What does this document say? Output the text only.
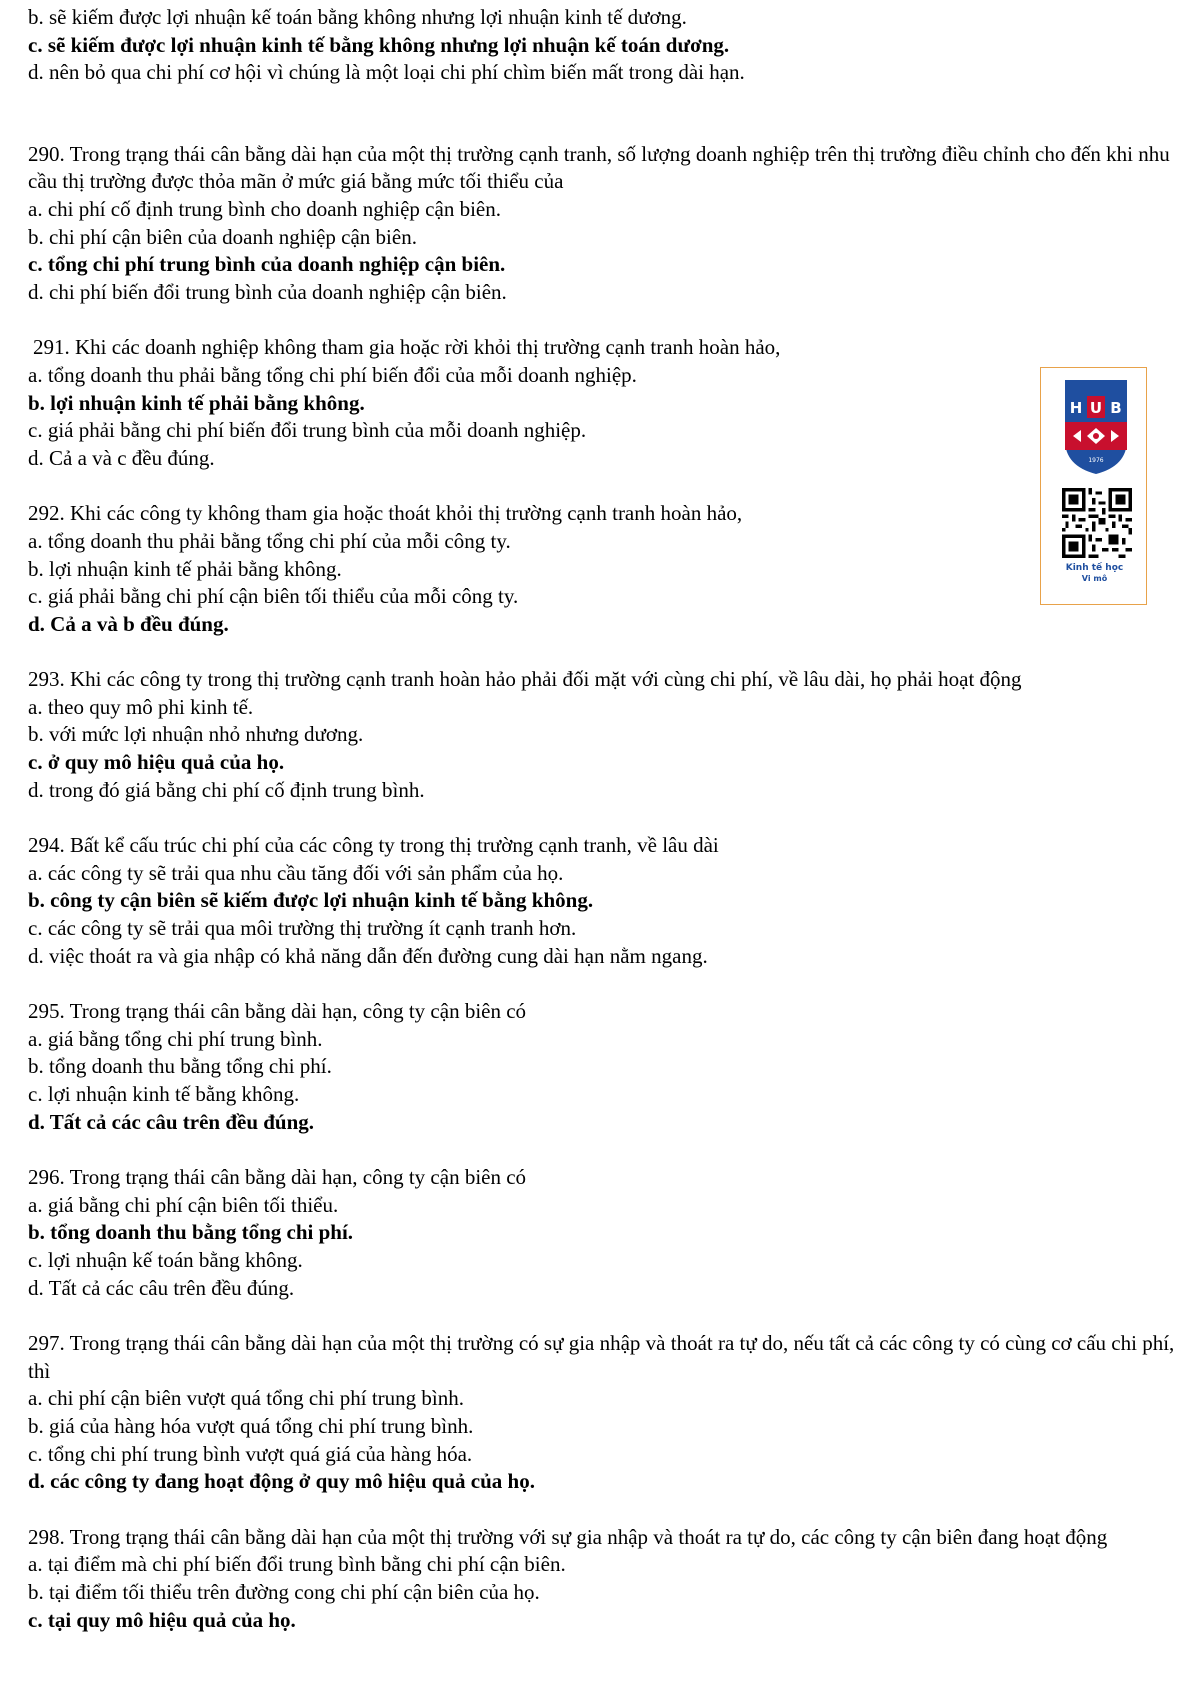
b. sẽ kiếm được lợi nhuận kế toán bằng không nhưng lợi nhuận kinh tế dương.

c. sẽ kiếm được lợi nhuận kinh tế bằng không nhưng lợi nhuận kế toán dương.

d. nên bỏ qua chi phí cơ hội vì chúng là một loại chi phí chìm biến mất trong dài hạn.

290. Trong trạng thái cân bằng dài hạn của một thị trường cạnh tranh, số lượng doanh nghiệp trên thị trường điều chỉnh cho đến khi nhu cầu thị trường được thỏa mãn ở mức giá bằng mức tối thiểu của

a. chi phí cố định trung bình cho doanh nghiệp cận biên.

b. chi phí cận biên của doanh nghiệp cận biên.

c. tổng chi phí trung bình của doanh nghiệp cận biên.

d. chi phí biến đổi trung bình của doanh nghiệp cận biên.

291. Khi các doanh nghiệp không tham gia hoặc rời khỏi thị trường cạnh tranh hoàn hảo,

a. tổng doanh thu phải bằng tổng chi phí biến đổi của mỗi doanh nghiệp.

b. lợi nhuận kinh tế phải bằng không.

c. giá phải bằng chi phí biến đổi trung bình của mỗi doanh nghiệp.

d. Cả a và c đều đúng.

292. Khi các công ty không tham gia hoặc thoát khỏi thị trường cạnh tranh hoàn hảo,

a. tổng doanh thu phải bằng tổng chi phí của mỗi công ty.

b. lợi nhuận kinh tế phải bằng không.

c. giá phải bằng chi phí cận biên tối thiểu của mỗi công ty.

d. Cả a và b đều đúng.

293. Khi các công ty trong thị trường cạnh tranh hoàn hảo phải đối mặt với cùng chi phí, về lâu dài, họ phải hoạt động

a. theo quy mô phi kinh tế.

b. với mức lợi nhuận nhỏ nhưng dương.

c. ở quy mô hiệu quả của họ.

d. trong đó giá bằng chi phí cố định trung bình.

294. Bất kể cấu trúc chi phí của các công ty trong thị trường cạnh tranh, về lâu dài

a. các công ty sẽ trải qua nhu cầu tăng đối với sản phẩm của họ.

b. công ty cận biên sẽ kiếm được lợi nhuận kinh tế bằng không.

c. các công ty sẽ trải qua môi trường thị trường ít cạnh tranh hơn.

d. việc thoát ra và gia nhập có khả năng dẫn đến đường cung dài hạn nằm ngang.

295. Trong trạng thái cân bằng dài hạn, công ty cận biên có

a. giá bằng tổng chi phí trung bình.

b. tổng doanh thu bằng tổng chi phí.

c. lợi nhuận kinh tế bằng không.

d. Tất cả các câu trên đều đúng.

296. Trong trạng thái cân bằng dài hạn, công ty cận biên có

a. giá bằng chi phí cận biên tối thiểu.

b. tổng doanh thu bằng tổng chi phí.

c. lợi nhuận kế toán bằng không.

d. Tất cả các câu trên đều đúng.

297. Trong trạng thái cân bằng dài hạn của một thị trường có sự gia nhập và thoát ra tự do, nếu tất cả các công ty có cùng cơ cấu chi phí, thì

a. chi phí cận biên vượt quá tổng chi phí trung bình.

b. giá của hàng hóa vượt quá tổng chi phí trung bình.

c. tổng chi phí trung bình vượt quá giá của hàng hóa.

d. các công ty đang hoạt động ở quy mô hiệu quả của họ.

298. Trong trạng thái cân bằng dài hạn của một thị trường với sự gia nhập và thoát ra tự do, các công ty cận biên đang hoạt động

a. tại điểm mà chi phí biến đổi trung bình bằng chi phí cận biên.

b. tại điểm tối thiểu trên đường cong chi phí cận biên của họ.

c. tại quy mô hiệu quả của họ.

H U B
1976
Kinh tế học
Vi mô
